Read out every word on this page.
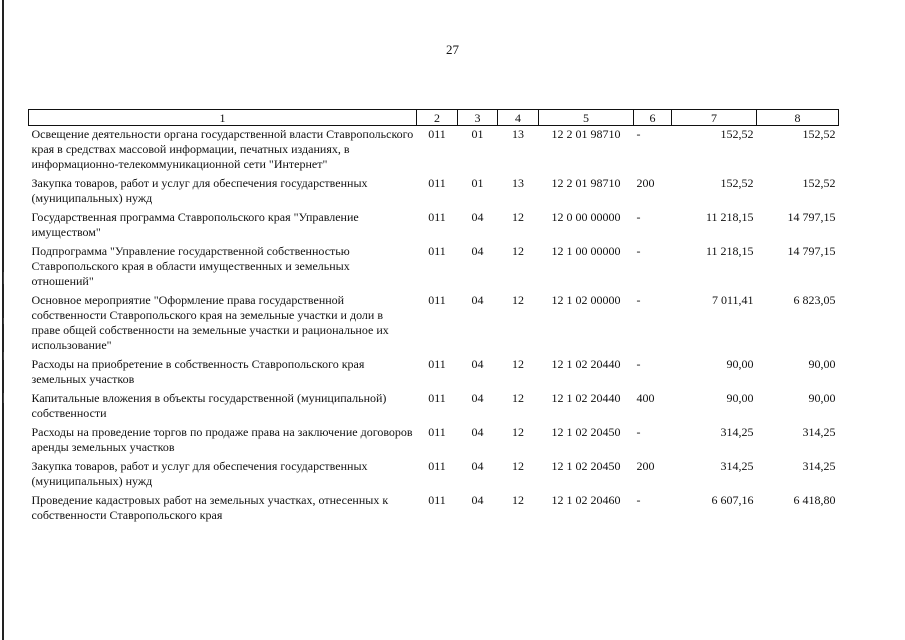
27
1	2	3	4	5	6	7	8
Освещение деятельности органа государственной власти Ставропольского края в средствах массовой информации, печатных изданиях, в информационно-телекоммуникационной сети "Интернет"	011	01	13	12 2 01 98710	-	152,52	152,52
Закупка товаров, работ и услуг для обеспечения государственных (муниципальных) нужд	011	01	13	12 2 01 98710	200	152,52	152,52
Государственная программа Ставропольского края "Управление имуществом"	011	04	12	12 0 00 00000	-	11 218,15	14 797,15
Подпрограмма "Управление государственной собственностью Ставропольского края в области имущественных и земельных отношений"	011	04	12	12 1 00 00000	-	11 218,15	14 797,15
Основное мероприятие "Оформление права государственной собственности Ставропольского края на земельные участки и доли в праве общей собственности на земельные участки и рациональное их использование"	011	04	12	12 1 02 00000	-	7 011,41	6 823,05
Расходы на приобретение в собственность Ставропольского края земельных участков	011	04	12	12 1 02 20440	-	90,00	90,00
Капитальные вложения в объекты государственной (муниципальной) собственности	011	04	12	12 1 02 20440	400	90,00	90,00
Расходы на проведение торгов по продаже права на заключение договоров аренды земельных участков	011	04	12	12 1 02 20450	-	314,25	314,25
Закупка товаров, работ и услуг для обеспечения государственных (муниципальных) нужд	011	04	12	12 1 02 20450	200	314,25	314,25
Проведение кадастровых работ на земельных участках, отнесенных к собственности Ставропольского края	011	04	12	12 1 02 20460	-	6 607,16	6 418,80
